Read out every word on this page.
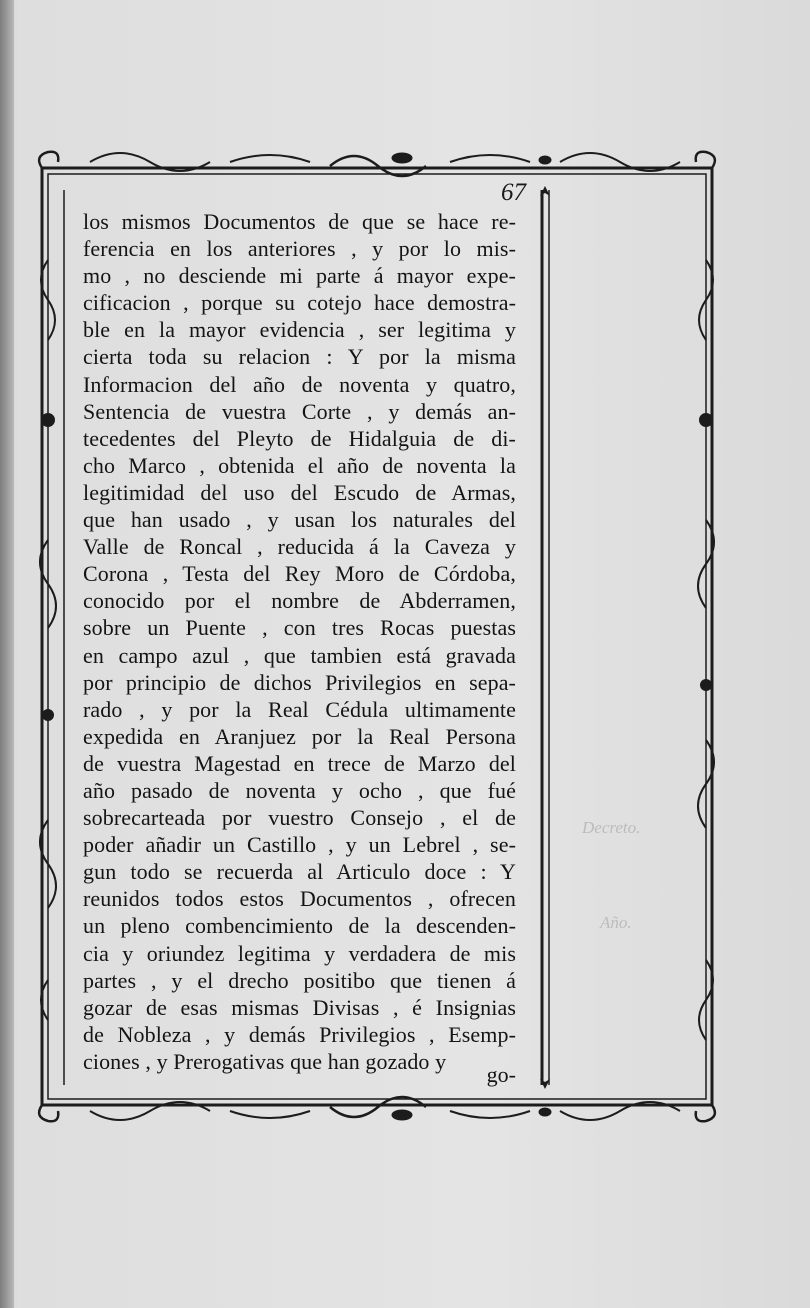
67
los mismos Documentos de que se hace re-
ferencia en los anteriores , y por lo mis-
mo , no desciende mi parte á mayor expe-
cificacion , porque su cotejo hace demostra-
ble en la mayor evidencia , ser legitima y
cierta toda su relacion : Y por la misma
Informacion del año de noventa y quatro,
Sentencia de vuestra Corte , y demás an-
tecedentes del Pleyto de Hidalguia de di-
cho Marco , obtenida el año de noventa la
legitimidad del uso del Escudo de Armas,
que han usado , y usan los naturales del
Valle de Roncal , reducida á la Caveza y
Corona , Testa del Rey Moro de Córdoba,
conocido por el nombre de Abderramen,
sobre un Puente , con tres Rocas puestas
en campo azul , que tambien está gravada
por principio de dichos Privilegios en sepa-
rado , y por la Real Cédula ultimamente
expedida en Aranjuez por la Real Persona
de vuestra Magestad en trece de Marzo del
año pasado de noventa y ocho , que fué
sobrecarteada por vuestro Consejo , el de
poder añadir un Castillo , y un Lebrel , se-
gun todo se recuerda al Articulo doce : Y
reunidos todos estos Documentos , ofrecen
un pleno combencimiento de la descenden-
cia y oriundez legitima y verdadera de mis
partes , y el drecho positibo que tienen á
gozar de esas mismas Divisas , é Insignias
de Nobleza , y demás Privilegios , Esemp-
ciones , y Prerogativas que han gozado y
go-
Decreto.
Año.
